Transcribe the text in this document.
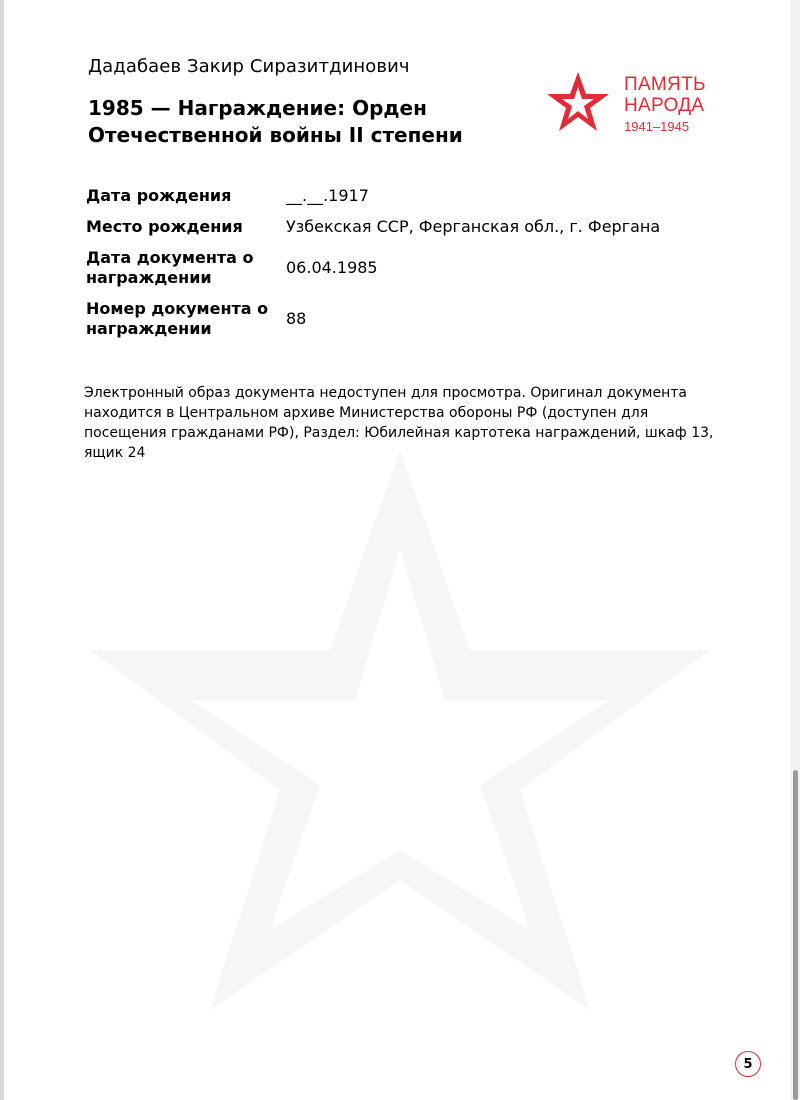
Дадабаев Закир Сиразитдинович
1985 — Награждение: Орден Отечественной войны II степени
ПАМЯТЬ
НАРОДА
1941–1945
Дата рождения	__.__.1917
Место рождения	Узбекская ССР, Ферганская обл., г. Фергана
Дата документа о награждении
06.04.1985
Номер документа о награждении
88
Электронный образ документа недоступен для просмотра. Оригинал документа находится в Центральном архиве Министерства обороны РФ (доступен для посещения гражданами РФ), Раздел: Юбилейная картотека награждений, шкаф 13, ящик 24
5
